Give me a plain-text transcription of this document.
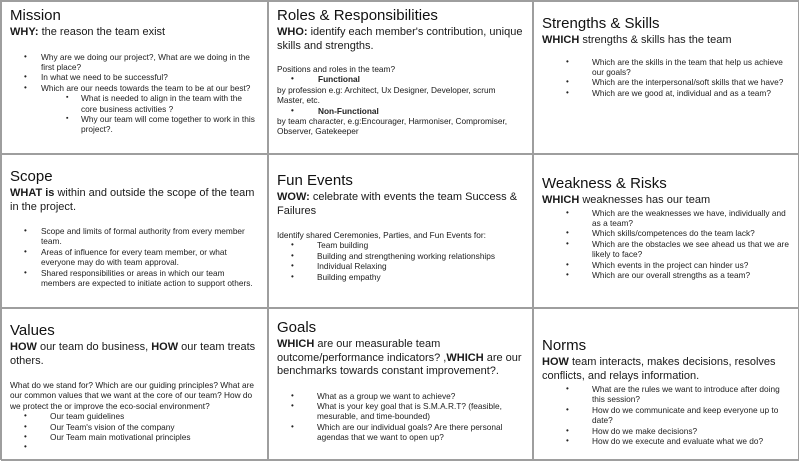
Mission
WHY: the reason the team exist
• Why are we doing our project?, What are we doing in the first place?
• In what we need to be successful?
• Which are our needs towards the team to be at our best?
▪ What is needed to align in the team with the core business activities ?
▪ Why our team will come together to work in this project?.
Roles & Responsibilities
WHO: identify each member's contribution, unique skills and strengths.
Positions and roles in the team?
• Functional
by profession e.g: Architect, Ux Designer, Developer, scrum Master, etc.
• Non-Functional
by team character, e.g:Encourager, Harmoniser, Compromiser, Observer, Gatekeeper
Strengths & Skills
WHICH strengths & skills has the team
• Which are the skills in the team that help us achieve our goals?
• Which are the interpersonal/soft skills that we have?
• Which are we good at, individual and as a team?
Scope
WHAT is within and outside the scope of the team in the project.
• Scope and limits of formal authority from every member team.
• Areas of influence for every team member, or what everyone may do with team approval.
• Shared responsibilities or areas in which our team members are expected to initiate action to support others.
Fun Events
WOW: celebrate with events the team Success & Failures
Identify shared Ceremonies, Parties, and Fun Events for:
• Team building
• Building and strengthening working relationships
• Individual Relaxing
• Building empathy
Weakness & Risks
WHICH weaknesses has our team
• Which are the weaknesses we have, individually and as a team?
• Which skills/competences do the team lack?
• Which are the obstacles we see ahead us that we are likely to face?
• Which events in the project can hinder us?
• Which are our overall strengths as a team?
Values
HOW our team do business, HOW our team treats others.
What do we stand for? Which are our guiding principles? What are our common values that we want at the core of our team? How do we protect the or improve the eco-social environment?
• Our team guidelines
• Our Team's vision of the company
• Our Team main motivational principles
•
Goals
WHICH are our measurable team outcome/performance indicators? ,WHICH are our benchmarks towards constant improvement?.
• What as a group we want to achieve?
• What is your key goal that is S.M.A.R.T? (feasible, mesurable, and time-bounded)
• Which are our individual goals? Are there personal agendas that we want to open up?
Norms
HOW team interacts, makes decisions, resolves conflicts, and relays information.
• What are the rules we want to introduce after doing this session?
• How do we communicate and keep everyone up to date?
• How do we make decisions?
• How do we execute and evaluate what we do?
